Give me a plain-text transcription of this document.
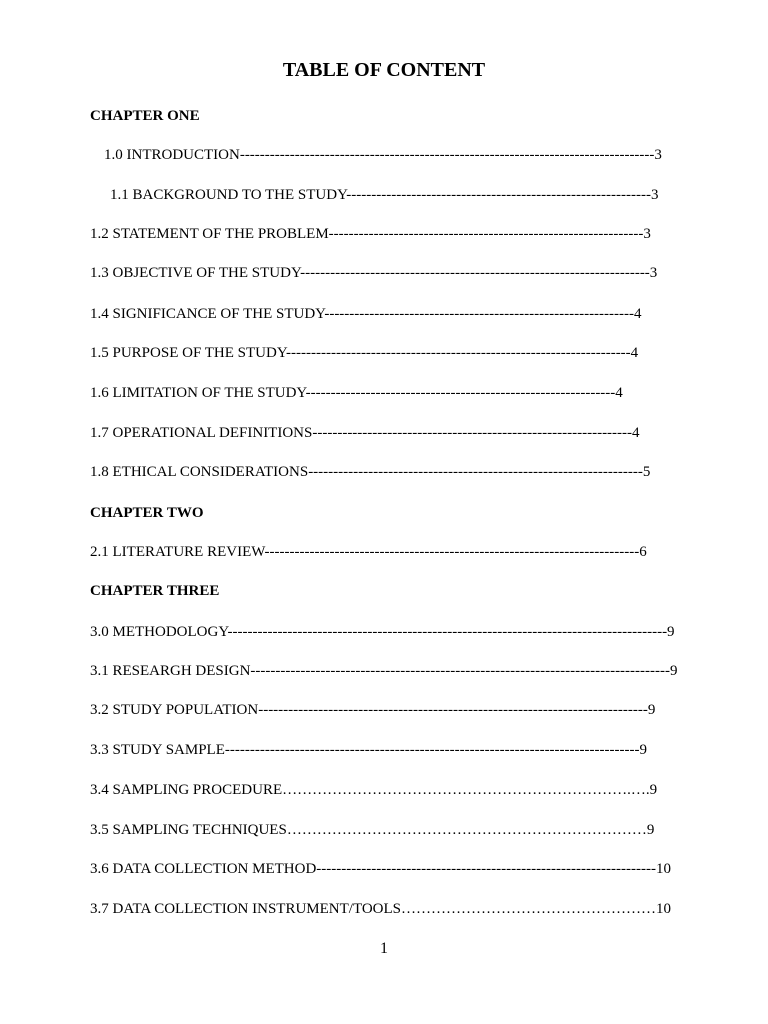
TABLE OF CONTENT
CHAPTER ONE
1.0 INTRODUCTION-----------------------------------------------------------------------------------3
1.1 BACKGROUND TO THE STUDY-------------------------------------------------------------3
1.2 STATEMENT OF THE PROBLEM---------------------------------------------------------------3
1.3 OBJECTIVE OF THE STUDY----------------------------------------------------------------------3
1.4 SIGNIFICANCE OF THE STUDY--------------------------------------------------------------4
1.5 PURPOSE OF THE STUDY---------------------------------------------------------------------4
1.6 LIMITATION OF THE STUDY--------------------------------------------------------------4
1.7 OPERATIONAL DEFINITIONS----------------------------------------------------------------4
1.8 ETHICAL CONSIDERATIONS-------------------------------------------------------------------5
CHAPTER TWO
2.1 LITERATURE REVIEW---------------------------------------------------------------------------6
CHAPTER THREE
3.0 METHODOLOGY----------------------------------------------------------------------------------------9
3.1 RESEARGH DESIGN------------------------------------------------------------------------------------9
3.2 STUDY POPULATION------------------------------------------------------------------------------9
3.3 STUDY SAMPLE-----------------------------------------------------------------------------------9
3.4 SAMPLING PROCEDURE…………………………………………………………….….9
3.5 SAMPLING TECHNIQUES………………………………………………………………9
3.6 DATA COLLECTION METHOD--------------------------------------------------------------------10
3.7 DATA COLLECTION INSTRUMENT/TOOLS……………………………………………10
1
